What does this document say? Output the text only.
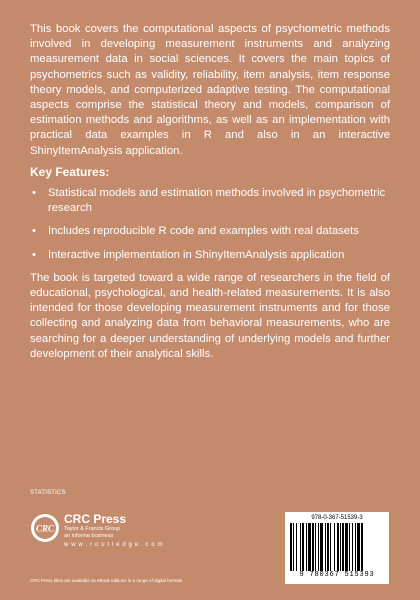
This book covers the computational aspects of psychometric methods involved in developing measurement instruments and analyzing measurement data in social sciences. It covers the main topics of psychometrics such as validity, reliability, item analysis, item response theory models, and computerized adaptive testing. The computational aspects comprise the statistical theory and models, comparison of estimation methods and algorithms, as well as an implementation with practical data examples in R and also in an interactive ShinyItemAnalysis application.

Key Features:
• Statistical models and estimation methods involved in psychometric research
• Includes reproducible R code and examples with real datasets
• Interactive implementation in ShinyItemAnalysis application

The book is targeted toward a wide range of researchers in the field of educational, psychological, and health-related measurements. It is also intended for those developing measurement instruments and for those collecting and analyzing data from behavioral measurements, who are searching for a deeper understanding of underlying models and further development of their analytical skills.

STATISTICS
CRC
CRC Press
Taylor & Francis Group
an informa business
w w w . r o u t l e d g e . c o m
CRC Press titles are available as eBook editions in a range of digital formats
978-0-367-51539-3
9 780367 515393
